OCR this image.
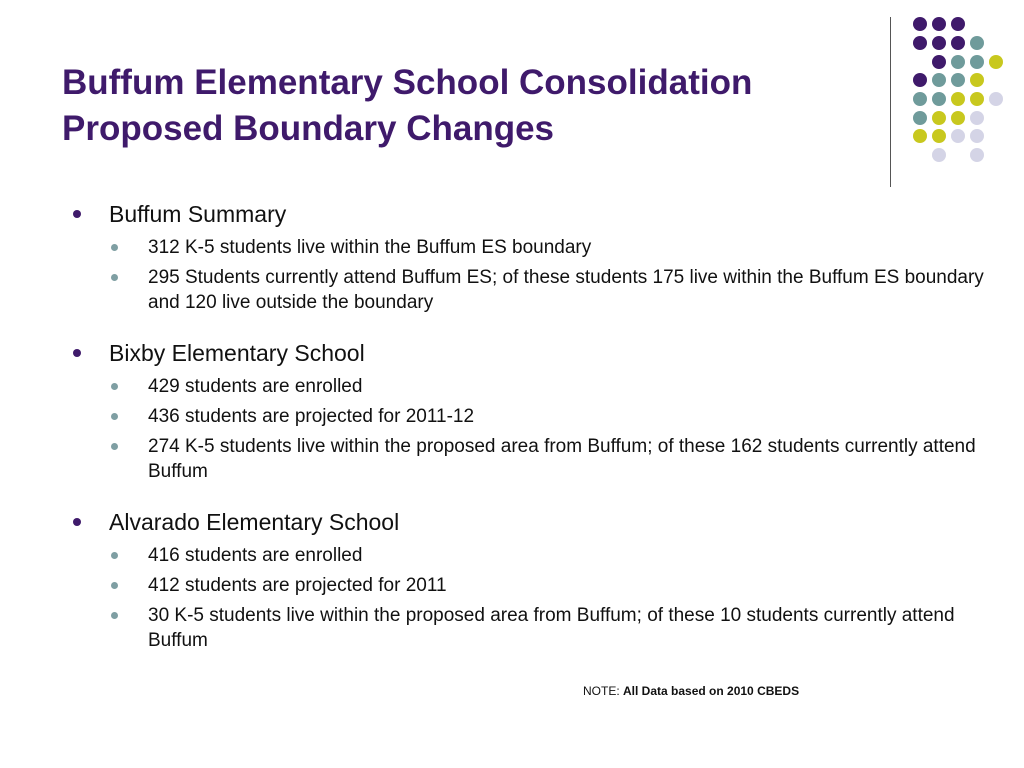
Buffum Elementary School Consolidation
Proposed Boundary Changes
Buffum Summary
312 K-5 students live within the Buffum ES boundary
295 Students currently attend Buffum ES; of these students 175 live within the Buffum ES boundary and 120 live outside the boundary
Bixby Elementary School
429 students are enrolled
436 students are projected for 2011-12
274 K-5 students live within the proposed area from Buffum; of these 162 students currently attend Buffum
Alvarado Elementary School
416 students are enrolled
412 students are projected for 2011
30 K-5 students live within the proposed area from Buffum; of these 10 students currently attend Buffum
NOTE: All Data based on 2010 CBEDS
